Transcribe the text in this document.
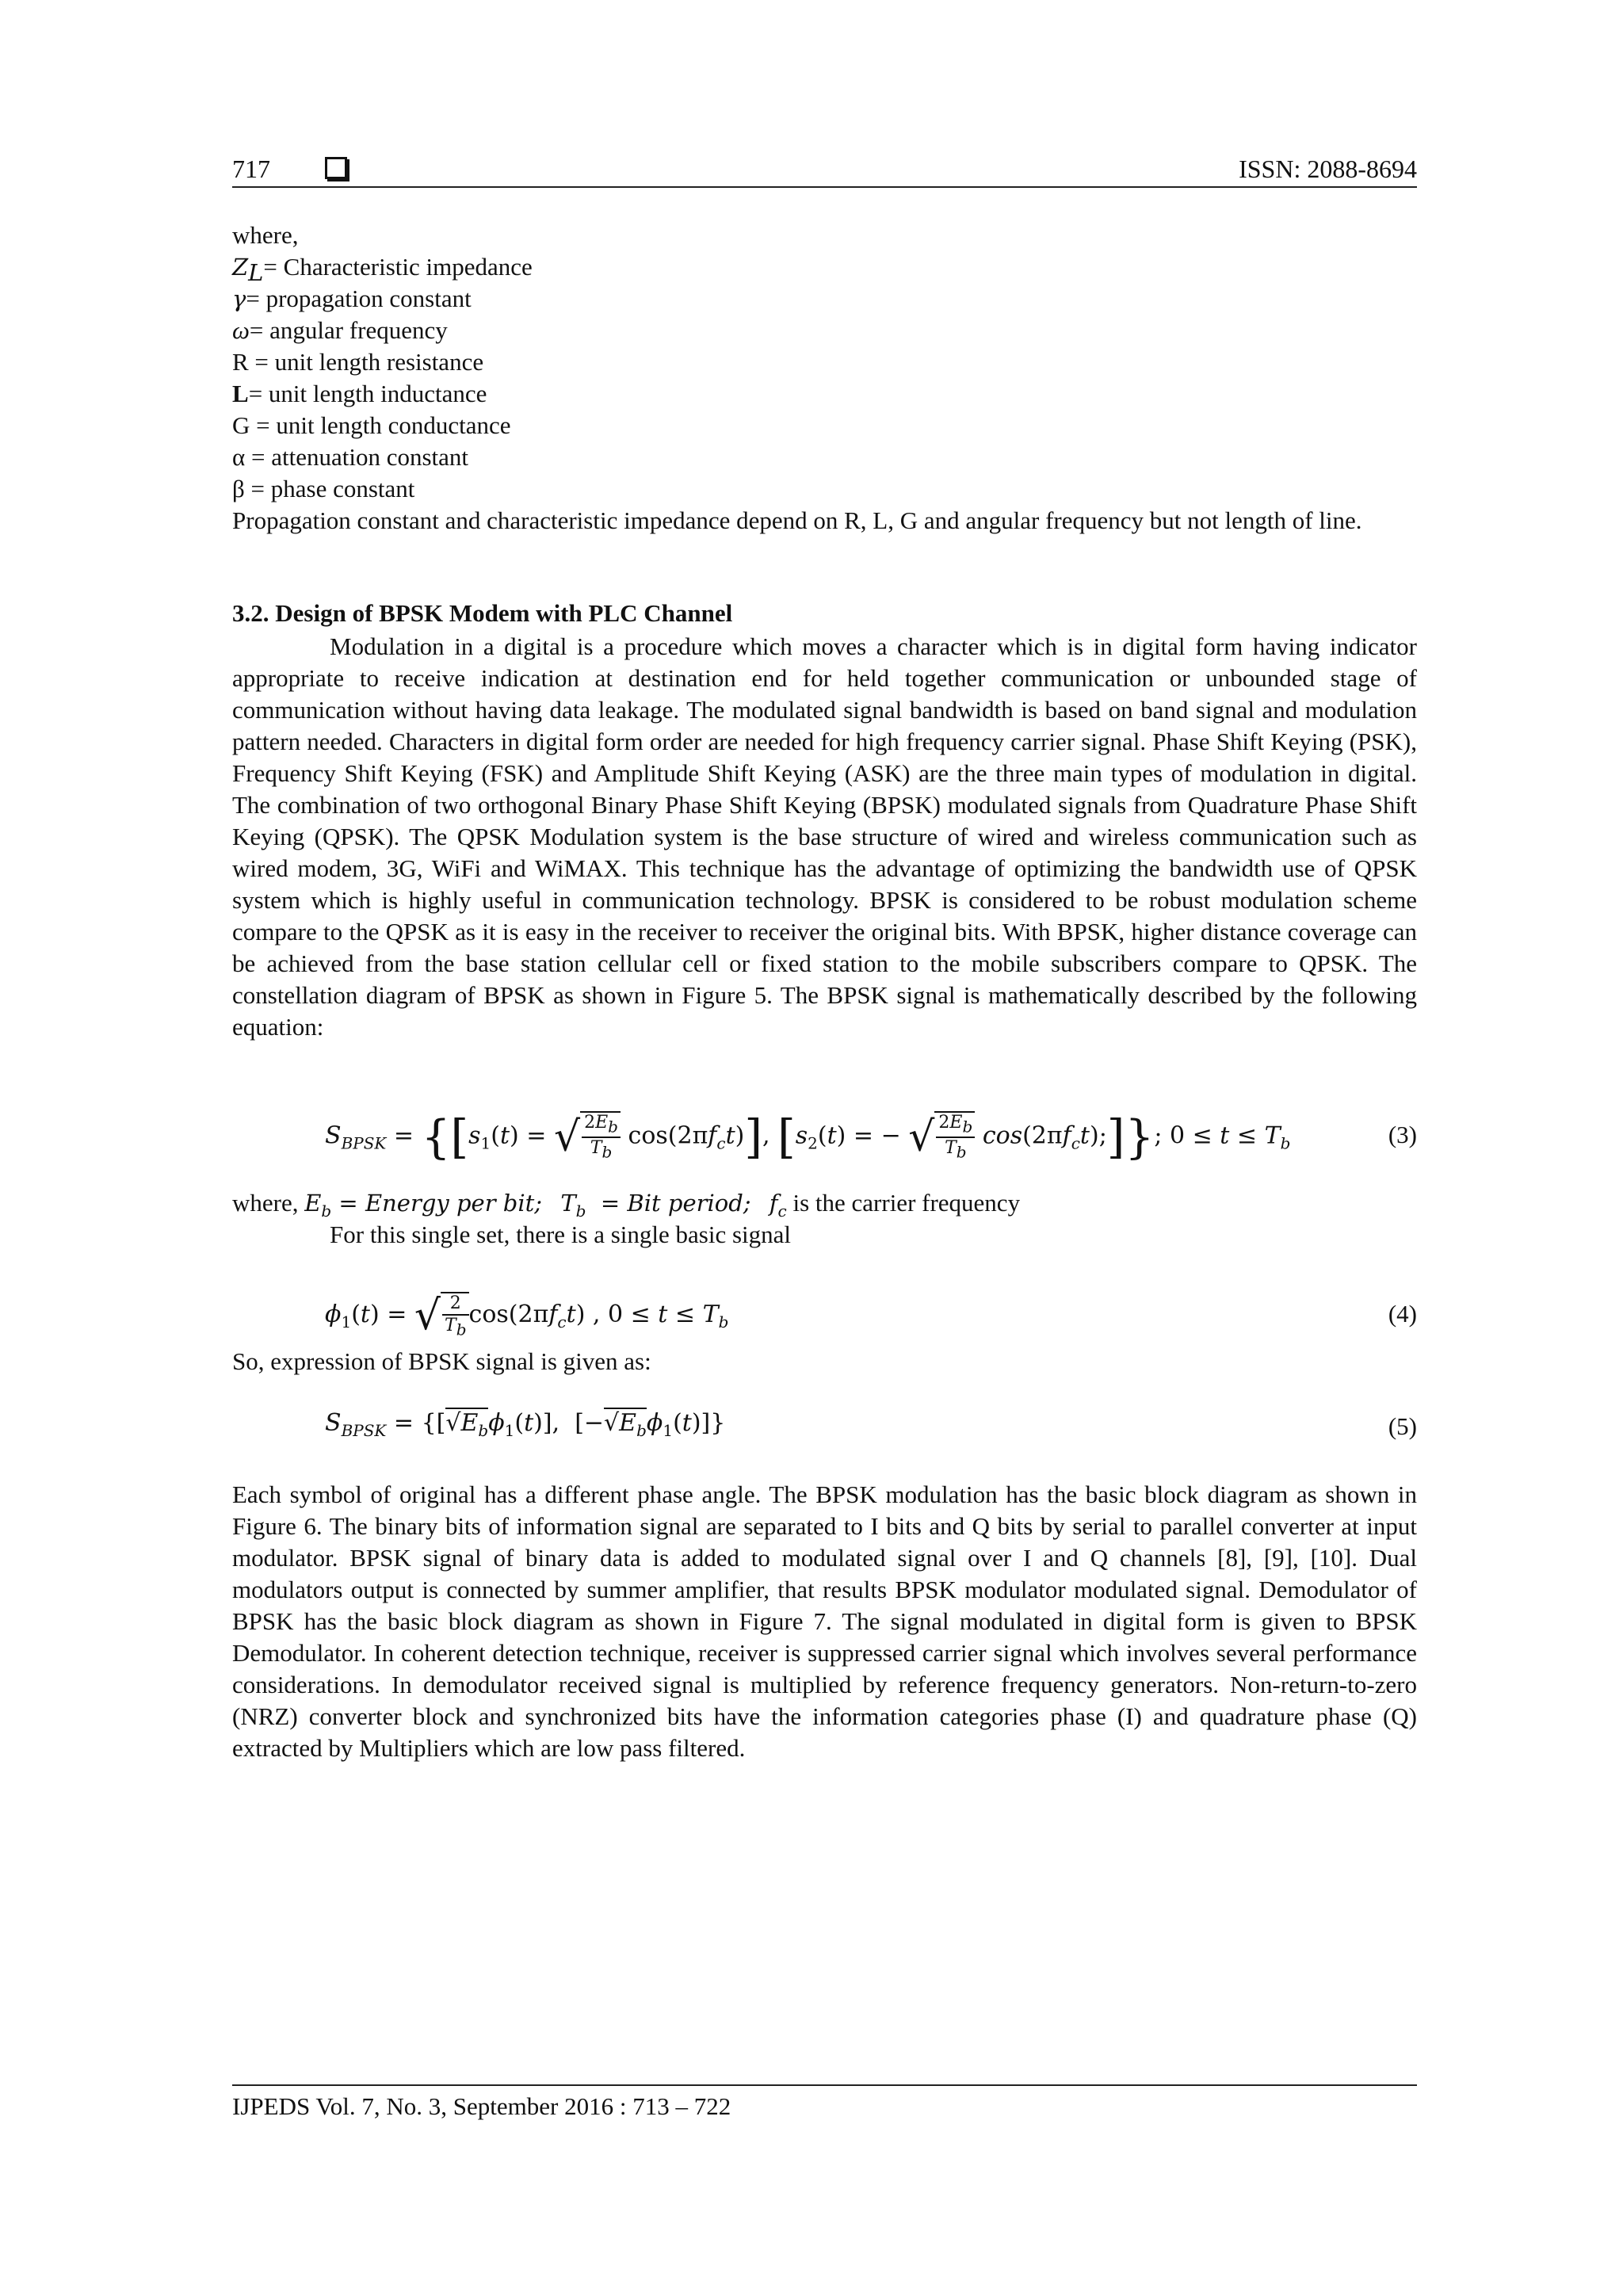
717	ISSN: 2088-8694
where,
$Z_L=$ Characteristic impedance
γ= propagation constant
ω= angular frequency
R = unit length resistance
L= unit length inductance
G = unit length conductance
α = attenuation constant
β = phase constant
Propagation constant and characteristic impedance depend on R, L, G and angular frequency but not length of line.
3.2. Design of BPSK Modem with PLC Channel
Modulation in a digital is a procedure which moves a character which is in digital form having indicator appropriate to receive indication at destination end for held together communication or unbounded stage of communication without having data leakage. The modulated signal bandwidth is based on band signal and modulation pattern needed. Characters in digital form order are needed for high frequency carrier signal. Phase Shift Keying (PSK), Frequency Shift Keying (FSK) and Amplitude Shift Keying (ASK) are the three main types of modulation in digital. The combination of two orthogonal Binary Phase Shift Keying (BPSK) modulated signals from Quadrature Phase Shift Keying (QPSK). The QPSK Modulation system is the base structure of wired and wireless communication such as wired modem, 3G, WiFi and WiMAX. This technique has the advantage of optimizing the bandwidth use of QPSK system which is highly useful in communication technology. BPSK is considered to be robust modulation scheme compare to the QPSK as it is easy in the receiver to receiver the original bits. With BPSK, higher distance coverage can be achieved from the base station cellular cell or fixed station to the mobile subscribers compare to QPSK. The constellation diagram of BPSK as shown in Figure 5. The BPSK signal is mathematically described by the following equation:
$S_{BPSK} = \{[s_1(t)$ = √ $\frac{2E_b}{T_b} \cos(2\pi f_ct)$], [$s_2(t)$ = − √ $\frac{2E_b}{T_b}$ $\cos(2\pi f_ct)$;]}; $0 \le t \le T_b$	(3)
where, $E_b$ = Energy per bit; $T_b$  = Bit period; $f_c$ is the carrier frequency
For this single set, there is a single basic signal
$\phi_1(t)$ = √ $\frac{2}{T_b} \cos(2\pi f_ct)$ , $0 \le t \le T_b$	(4)
So, expression of BPSK signal is given as:
$S_{BPSK} = \{[√E_b\phi_1(t)]$,  $[-√E_b\phi_1(t)]$}	(5)
Each symbol of original has a different phase angle. The BPSK modulation has the basic block diagram as shown in Figure 6. The binary bits of information signal are separated to I bits and Q bits by serial to parallel converter at input modulator. BPSK signal of binary data is added to modulated signal over I and Q channels [8], [9], [10]. Dual modulators output is connected by summer amplifier, that results BPSK modulator modulated signal. Demodulator of BPSK has the basic block diagram as shown in Figure 7. The signal modulated in digital form is given to BPSK Demodulator. In coherent detection technique, receiver is suppressed carrier signal which involves several performance considerations. In demodulator received signal is multiplied by reference frequency generators. Non-return-to-zero (NRZ) converter block and synchronized bits have the information categories phase (I) and quadrature phase (Q) extracted by Multipliers which are low pass filtered.
IJPEDS Vol. 7, No. 3, September 2016 : 713 – 722
